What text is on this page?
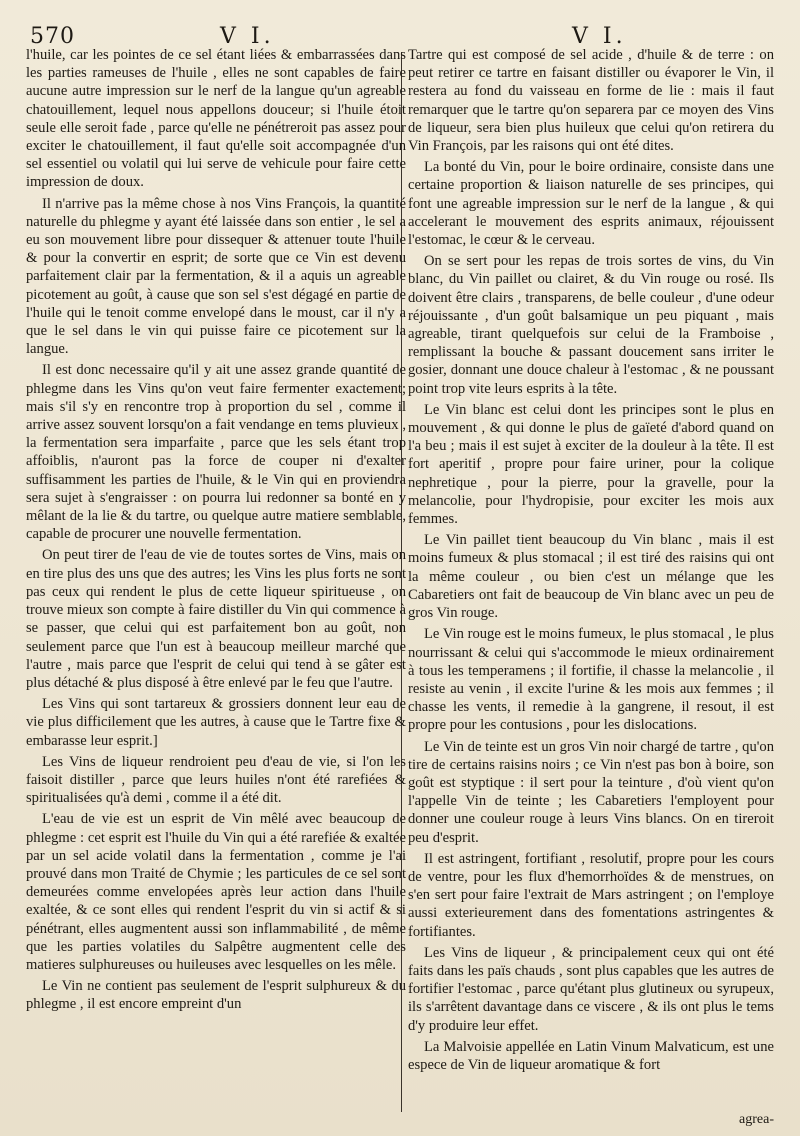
570	V I.	V I.

l'huile, car les pointes de ce sel étant liées & embarrassées dans les parties rameuses de l'huile , elles ne sont capables de faire aucune autre impression sur le nerf de la langue qu'un agreable chatouillement, lequel nous appellons douceur; si l'huile étoit seule elle seroit fade , parce qu'elle ne pénétreroit pas assez pour exciter le chatouillement, il faut qu'elle soit accompagnée d'un sel essentiel ou volatil qui lui serve de vehicule pour faire cette impression de doux.

Il n'arrive pas la même chose à nos Vins François, la quantité naturelle du phlegme y ayant été laissée dans son entier , le sel a eu son mouvement libre pour dissequer & attenuer toute l'huile & pour la convertir en esprit; de sorte que ce Vin est devenu parfaitement clair par la fermentation, & il a aquis un agreable picotement au goût, à cause que son sel s'est dégagé en partie de l'huile qui le tenoit comme envelopé dans le moust, car il n'y a que le sel dans le vin qui puisse faire ce picotement sur la langue.

Il est donc necessaire qu'il y ait une assez grande quantité de phlegme dans les Vins qu'on veut faire fermenter exactement; mais s'il s'y en rencontre trop à proportion du sel , comme il arrive assez souvent lorsqu'on a fait vendange en tems pluvieux , la fermentation sera imparfaite , parce que les sels étant trop affoiblis, n'auront pas la force de couper ni d'exalter suffisamment les parties de l'huile, & le Vin qui en proviendra sera sujet à s'engraisser : on pourra lui redonner sa bonté en y mêlant de la lie & du tartre, ou quelque autre matiere semblable, capable de procurer une nouvelle fermentation.

On peut tirer de l'eau de vie de toutes sortes de Vins, mais on en tire plus des uns que des autres; les Vins les plus forts ne sont pas ceux qui rendent le plus de cette liqueur spiritueuse , on trouve mieux son compte à faire distiller du Vin qui commence à se passer, que celui qui est parfaitement bon au goût, non seulement parce que l'un est à beaucoup meilleur marché que l'autre , mais parce que l'esprit de celui qui tend à se gâter est plus détaché & plus disposé à être enlevé par le feu que l'autre.

Les Vins qui sont tartareux & grossiers donnent leur eau de vie plus difficilement que les autres, à cause que le Tartre fixe & embarasse leur esprit.]

Les Vins de liqueur rendroient peu d'eau de vie, si l'on les faisoit distiller , parce que leurs huiles n'ont été rarefiées & spiritualisées qu'à demi , comme il a été dit.

L'eau de vie est un esprit de Vin mêlé avec beaucoup de phlegme : cet esprit est l'huile du Vin qui a été rarefiée & exaltée par un sel acide volatil dans la fermentation , comme je l'ai prouvé dans mon Traité de Chymie ; les particules de ce sel sont demeurées comme envelopées après leur action dans l'huile exaltée, & ce sont elles qui rendent l'esprit du vin si actif & si pénétrant, elles augmentent aussi son inflammabilité , de même que les parties volatiles du Salpêtre augmentent celle des matieres sulphureuses ou huileuses avec lesquelles on les mêle.

Le Vin ne contient pas seulement de l'esprit sulphureux & du phlegme , il est encore empreint d'un

Tartre qui est composé de sel acide , d'huile & de terre : on peut retirer ce tartre en faisant distiller ou évaporer le Vin, il restera au fond du vaisseau en forme de lie : mais il faut remarquer que le tartre qu'on separera par ce moyen des Vins de liqueur, sera bien plus huileux que celui qu'on retirera du Vin François, par les raisons qui ont été dites.

La bonté du Vin, pour le boire ordinaire, consiste dans une certaine proportion & liaison naturelle de ses principes, qui font une agreable impression sur le nerf de la langue , & qui accelerant le mouvement des esprits animaux, réjouissent l'estomac, le cœur & le cerveau.

On se sert pour les repas de trois sortes de vins, du Vin blanc, du Vin paillet ou clairet, & du Vin rouge ou rosé. Ils doivent être clairs , transparens, de belle couleur , d'une odeur réjouissante , d'un goût balsamique un peu piquant , mais agreable, tirant quelquefois sur celui de la Framboise , remplissant la bouche & passant doucement sans irriter le gosier, donnant une douce chaleur à l'estomac , & ne poussant point trop vite leurs esprits à la tête.

Le Vin blanc est celui dont les principes sont le plus en mouvement , & qui donne le plus de gaïeté d'abord quand on l'a beu ; mais il est sujet à exciter de la douleur à la tête. Il est fort aperitif , propre pour faire uriner, pour la colique nephretique , pour la pierre, pour la gravelle, pour la melancolie, pour l'hydropisie, pour exciter les mois aux femmes.

Le Vin paillet tient beaucoup du Vin blanc , mais il est moins fumeux & plus stomacal ; il est tiré des raisins qui ont la même couleur , ou bien c'est un mélange que les Cabaretiers ont fait de beaucoup de Vin blanc avec un peu de gros Vin rouge.

Le Vin rouge est le moins fumeux, le plus stomacal , le plus nourrissant & celui qui s'accommode le mieux ordinairement à tous les temperamens ; il fortifie, il chasse la melancolie , il resiste au venin , il excite l'urine & les mois aux femmes ; il chasse les vents, il remedie à la gangrene, il resout, il est propre pour les contusions , pour les dislocations.

Le Vin de teinte est un gros Vin noir chargé de tartre , qu'on tire de certains raisins noirs ; ce Vin n'est pas bon à boire, son goût est styptique : il sert pour la teinture , d'où vient qu'on l'appelle Vin de teinte ; les Cabaretiers l'employent pour donner une couleur rouge à leurs Vins blancs. On en tireroit peu d'esprit.

Il est astringent, fortifiant , resolutif, propre pour les cours de ventre, pour les flux d'hemorrhoïdes & de menstrues, on s'en sert pour faire l'extrait de Mars astringent ; on l'employe aussi exterieurement dans des fomentations astringentes & fortifiantes.

Les Vins de liqueur , & principalement ceux qui ont été faits dans les païs chauds , sont plus capables que les autres de fortifier l'estomac , parce qu'étant plus glutineux ou syrupeux, ils s'arrêtent davantage dans ce viscere , & ils ont plus le tems d'y produire leur effet.

La Malvoisie appellée en Latin Vinum Malvaticum, est une espece de Vin de liqueur aromatique & fort

agrea-
